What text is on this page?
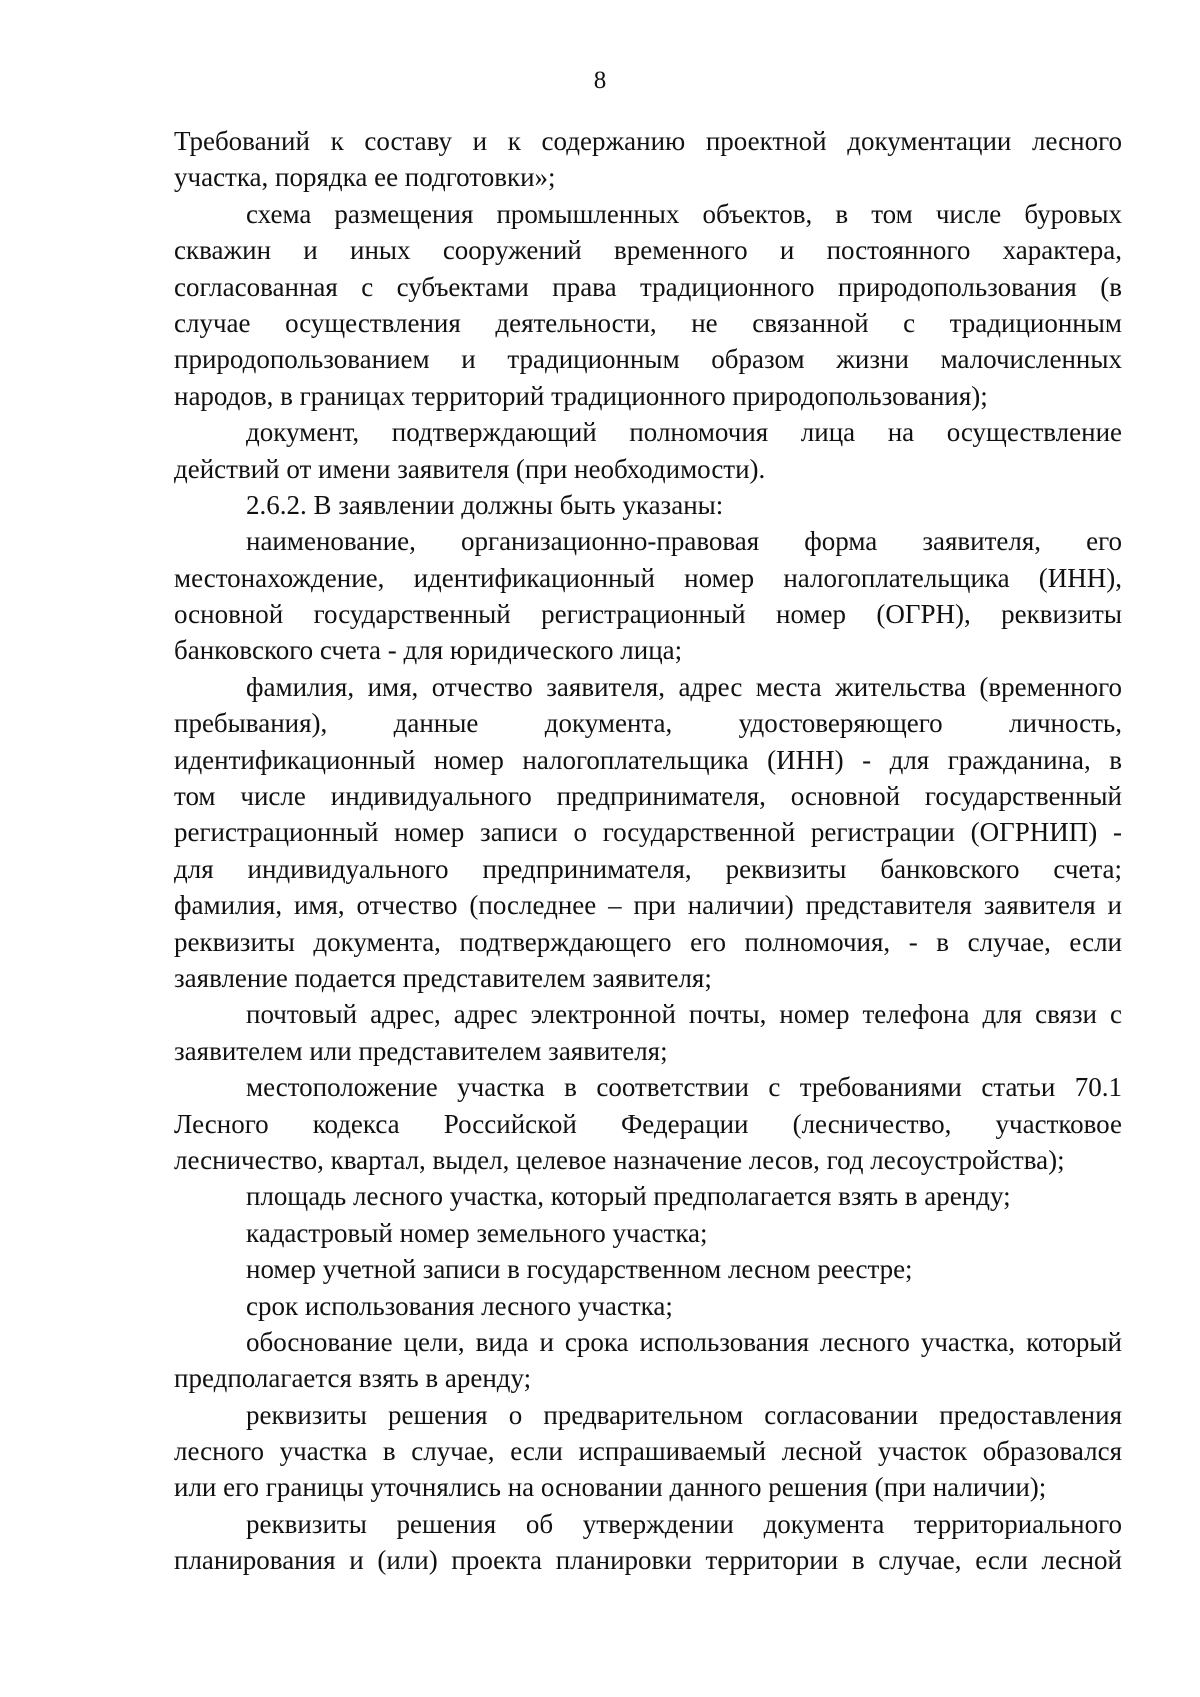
8
Требований к составу и к содержанию проектной документации лесного
участка, порядка ее подготовки»;
схема размещения промышленных объектов, в том числе буровых
скважин и иных сооружений временного и постоянного характера,
согласованная с субъектами права традиционного природопользования (в
случае осуществления деятельности, не связанной с традиционным
природопользованием и традиционным образом жизни малочисленных
народов, в границах территорий традиционного природопользования);
документ, подтверждающий полномочия лица на осуществление
действий от имени заявителя (при необходимости).
2.6.2. В заявлении должны быть указаны:
наименование, организационно-правовая форма заявителя, его
местонахождение, идентификационный номер налогоплательщика (ИНН),
основной государственный регистрационный номер (ОГРН), реквизиты
банковского счета - для юридического лица;
фамилия, имя, отчество заявителя, адрес места жительства (временного
пребывания), данные документа, удостоверяющего личность,
идентификационный номер налогоплательщика (ИНН) - для гражданина, в
том числе индивидуального предпринимателя, основной государственный
регистрационный номер записи о государственной регистрации (ОГРНИП) -
для индивидуального предпринимателя, реквизиты банковского счета;
фамилия, имя, отчество (последнее – при наличии) представителя заявителя и
реквизиты документа, подтверждающего его полномочия, - в случае, если
заявление подается представителем заявителя;
почтовый адрес, адрес электронной почты, номер телефона для связи с
заявителем или представителем заявителя;
местоположение участка в соответствии с требованиями статьи 70.1
Лесного кодекса Российской Федерации (лесничество, участковое
лесничество, квартал, выдел, целевое назначение лесов, год лесоустройства);
площадь лесного участка, который предполагается взять в аренду;
кадастровый номер земельного участка;
номер учетной записи в государственном лесном реестре;
срок использования лесного участка;
обоснование цели, вида и срока использования лесного участка, который
предполагается взять в аренду;
реквизиты решения о предварительном согласовании предоставления
лесного участка в случае, если испрашиваемый лесной участок образовался
или его границы уточнялись на основании данного решения (при наличии);
реквизиты решения об утверждении документа территориального
планирования и (или) проекта планировки территории в случае, если лесной
